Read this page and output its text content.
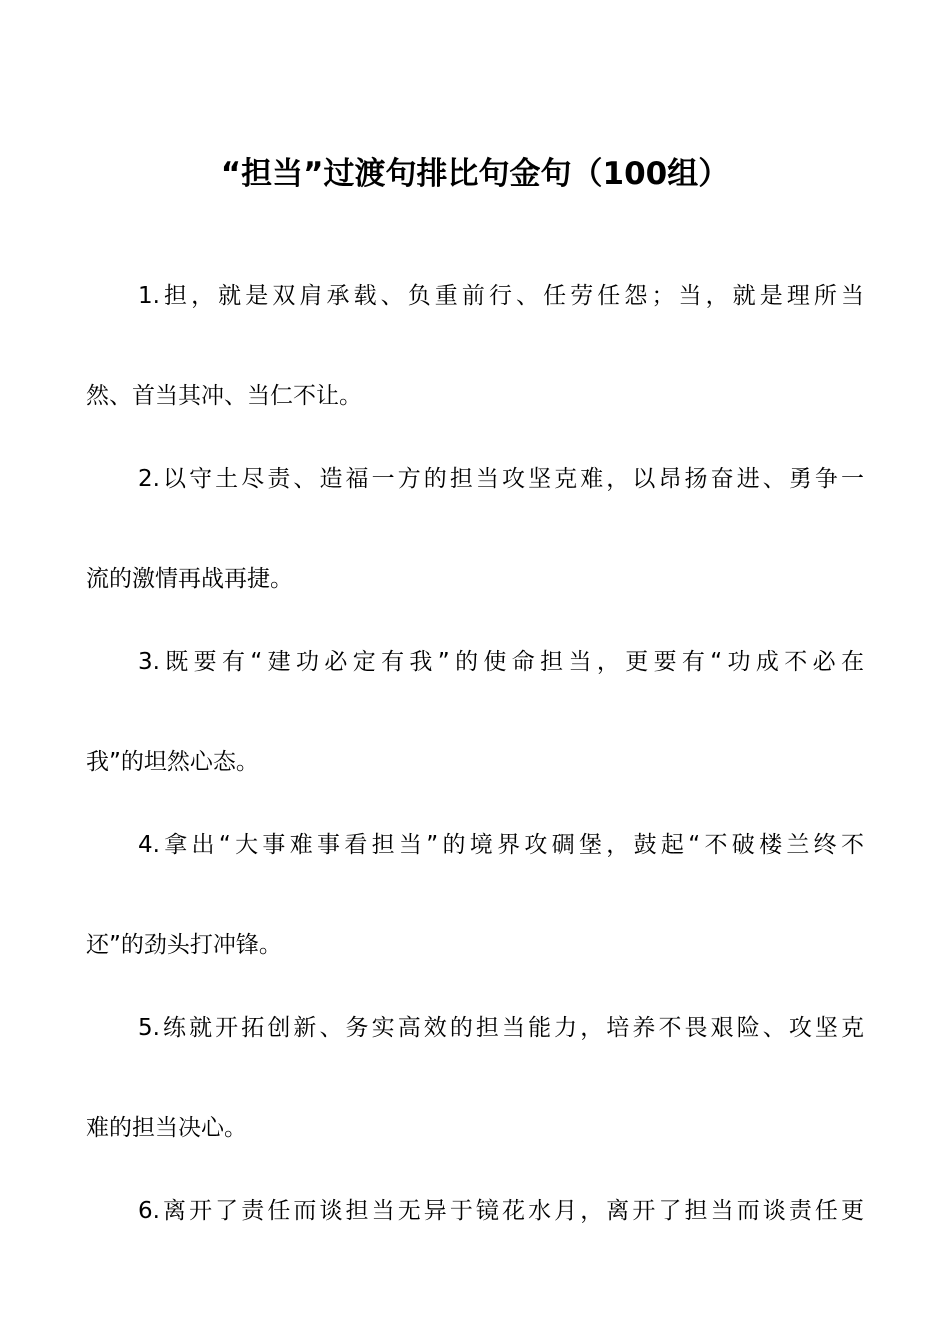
“担当”过渡句排比句金句（100组）
1.担，就是双肩承载、负重前行、任劳任怨；当，就是理所当
然、首当其冲、当仁不让。
2.以守土尽责、造福一方的担当攻坚克难，以昂扬奋进、勇争一
流的激情再战再捷。
3.既要有“建功必定有我”的使命担当，更要有“功成不必在
我”的坦然心态。
4.拿出“大事难事看担当”的境界攻碉堡，鼓起“不破楼兰终不
还”的劲头打冲锋。
5.练就开拓创新、务实高效的担当能力，培养不畏艰险、攻坚克
难的担当决心。
6.离开了责任而谈担当无异于镜花水月，离开了担当而谈责任更
